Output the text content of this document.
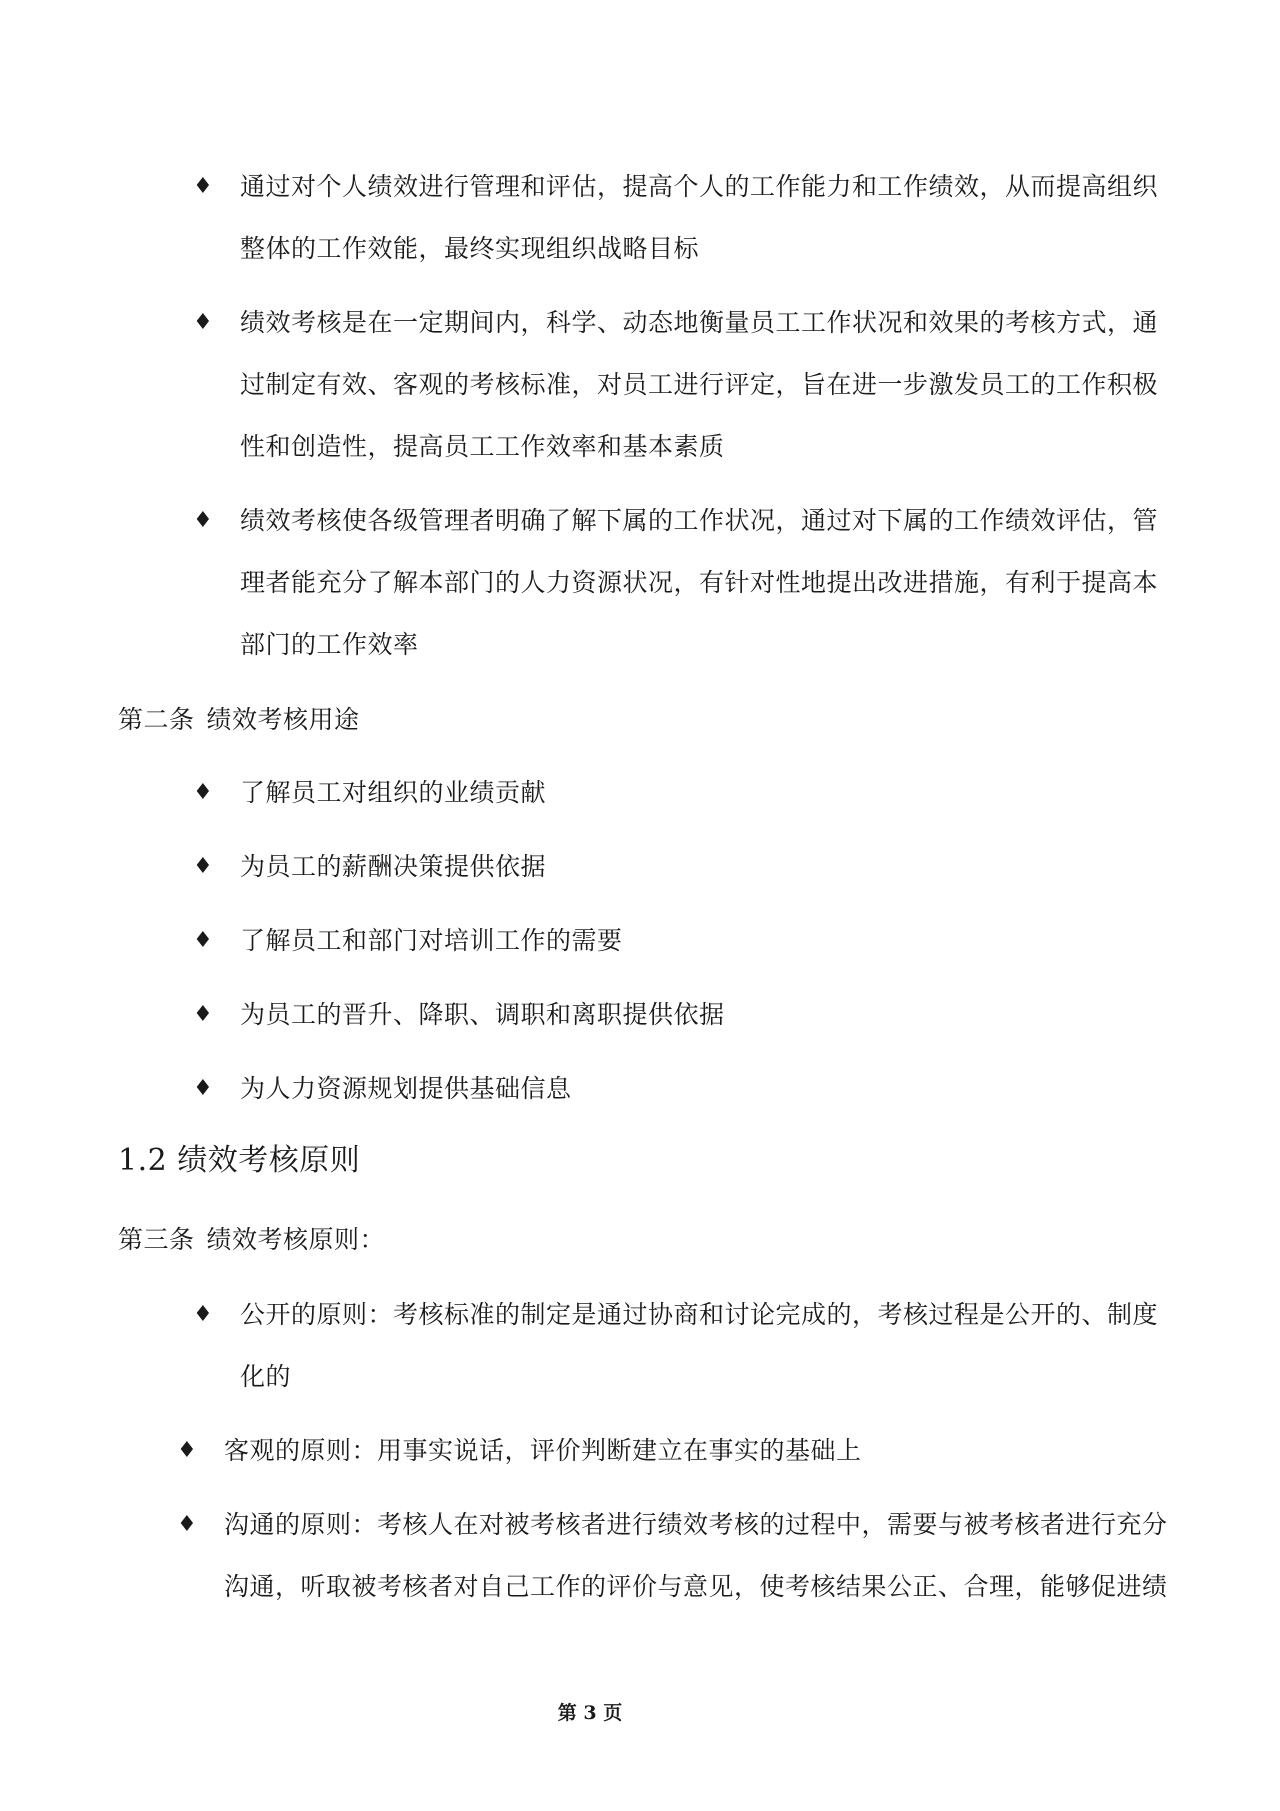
♦ 通过对个人绩效进行管理和评估，提高个人的工作能力和工作绩效，从而提高组织整体的工作效能，最终实现组织战略目标
♦ 绩效考核是在一定期间内，科学、动态地衡量员工工作状况和效果的考核方式，通过制定有效、客观的考核标准，对员工进行评定，旨在进一步激发员工的工作积极性和创造性，提高员工工作效率和基本素质
♦ 绩效考核使各级管理者明确了解下属的工作状况，通过对下属的工作绩效评估，管理者能充分了解本部门的人力资源状况，有针对性地提出改进措施，有利于提高本部门的工作效率
第二条 绩效考核用途
♦ 了解员工对组织的业绩贡献
♦ 为员工的薪酬决策提供依据
♦ 了解员工和部门对培训工作的需要
♦ 为员工的晋升、降职、调职和离职提供依据
♦ 为人力资源规划提供基础信息
1.2 绩效考核原则
第三条 绩效考核原则：
♦ 公开的原则：考核标准的制定是通过协商和讨论完成的，考核过程是公开的、制度化的
♦ 客观的原则：用事实说话，评价判断建立在事实的基础上
♦ 沟通的原则：考核人在对被考核者进行绩效考核的过程中，需要与被考核者进行充分沟通，听取被考核者对自己工作的评价与意见，使考核结果公正、合理，能够促进绩
第 3 页
